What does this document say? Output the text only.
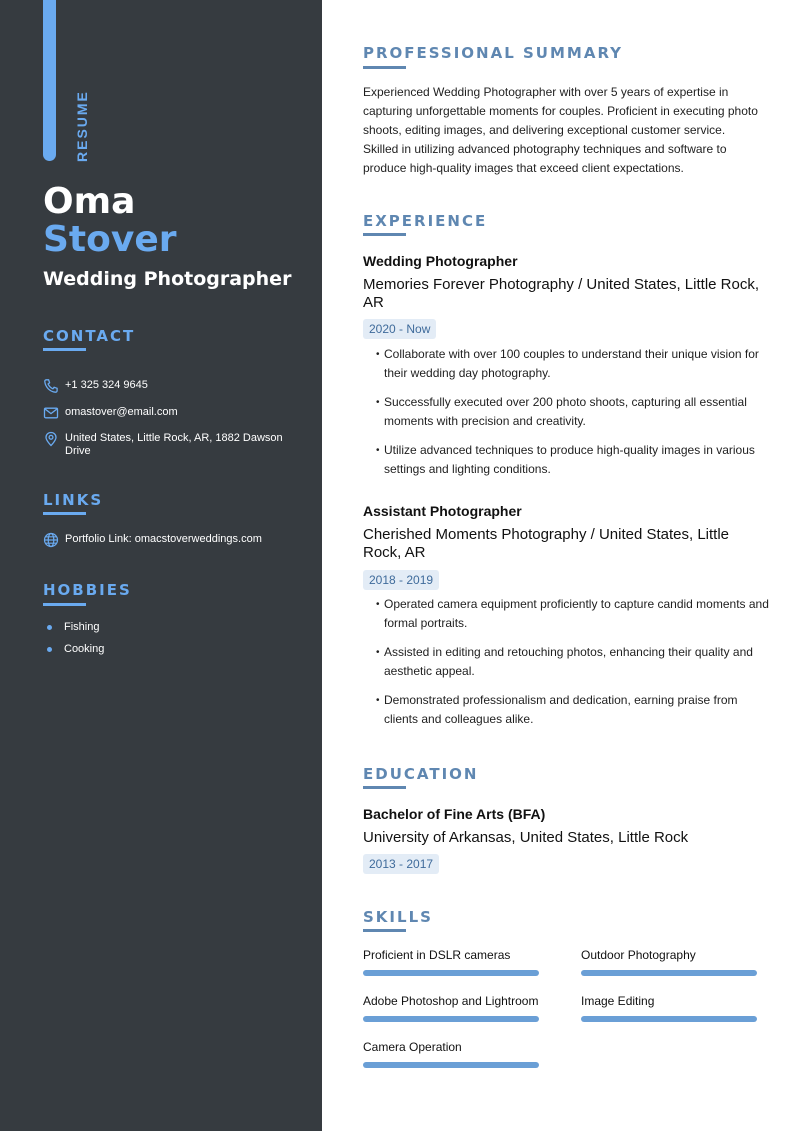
RESUME
Oma
Stover
Wedding Photographer
CONTACT
+1 325 324 9645
omastover@email.com
United States, Little Rock, AR, 1882 Dawson Drive
LINKS
Portfolio Link: omacstoverweddings.com
HOBBIES
Fishing
Cooking
PROFESSIONAL SUMMARY
Experienced Wedding Photographer with over 5 years of expertise in capturing unforgettable moments for couples. Proficient in executing photo shoots, editing images, and delivering exceptional customer service. Skilled in utilizing advanced photography techniques and software to produce high-quality images that exceed client expectations.
EXPERIENCE
Wedding Photographer
Memories Forever Photography / United States, Little Rock, AR
2020 - Now
• Collaborate with over 100 couples to understand their unique vision for their wedding day photography.
• Successfully executed over 200 photo shoots, capturing all essential moments with precision and creativity.
• Utilize advanced techniques to produce high-quality images in various settings and lighting conditions.
Assistant Photographer
Cherished Moments Photography / United States, Little Rock, AR
2018 - 2019
• Operated camera equipment proficiently to capture candid moments and formal portraits.
• Assisted in editing and retouching photos, enhancing their quality and aesthetic appeal.
• Demonstrated professionalism and dedication, earning praise from clients and colleagues alike.
EDUCATION
Bachelor of Fine Arts (BFA)
University of Arkansas, United States, Little Rock
2013 - 2017
SKILLS
Proficient in DSLR cameras	Outdoor Photography
Adobe Photoshop and Lightroom	Image Editing
Camera Operation
